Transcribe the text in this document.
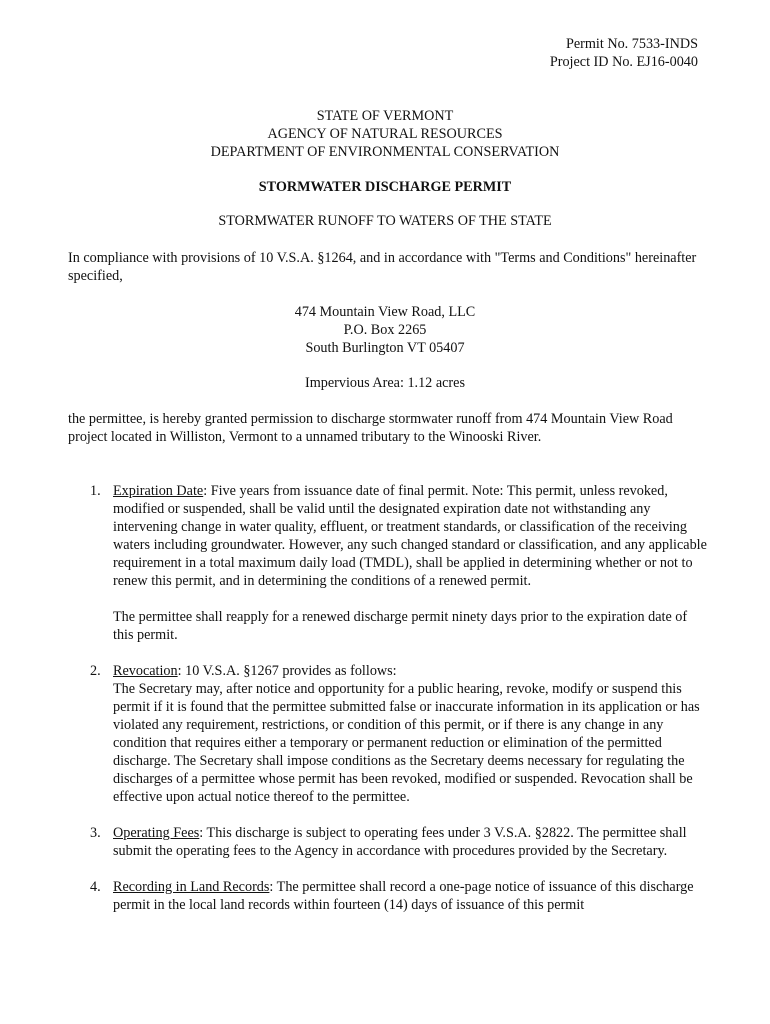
Permit No. 7533-INDS
Project ID No. EJ16-0040
STATE OF VERMONT
AGENCY OF NATURAL RESOURCES
DEPARTMENT OF ENVIRONMENTAL CONSERVATION
STORMWATER DISCHARGE PERMIT
STORMWATER RUNOFF TO WATERS OF THE STATE
In compliance with provisions of 10 V.S.A. §1264, and in accordance with "Terms and Conditions" hereinafter specified,
474 Mountain View Road, LLC
P.O. Box 2265
South Burlington VT 05407
Impervious Area: 1.12 acres
the permittee, is hereby granted permission to discharge stormwater runoff from 474 Mountain View Road project located in Williston, Vermont to a unnamed tributary to the Winooski River.
1. Expiration Date: Five years from issuance date of final permit. Note: This permit, unless revoked, modified or suspended, shall be valid until the designated expiration date not withstanding any intervening change in water quality, effluent, or treatment standards, or classification of the receiving waters including groundwater. However, any such changed standard or classification, and any applicable requirement in a total maximum daily load (TMDL), shall be applied in determining whether or not to renew this permit, and in determining the conditions of a renewed permit.

The permittee shall reapply for a renewed discharge permit ninety days prior to the expiration date of this permit.

2. Revocation: 10 V.S.A. §1267 provides as follows:

The Secretary may, after notice and opportunity for a public hearing, revoke, modify or suspend this permit if it is found that the permittee submitted false or inaccurate information in its application or has violated any requirement, restrictions, or condition of this permit, or if there is any change in any condition that requires either a temporary or permanent reduction or elimination of the permitted discharge. The Secretary shall impose conditions as the Secretary deems necessary for regulating the discharges of a permittee whose permit has been revoked, modified or suspended. Revocation shall be effective upon actual notice thereof to the permittee.
3. Operating Fees: This discharge is subject to operating fees under 3 V.S.A. §2822. The permittee shall submit the operating fees to the Agency in accordance with procedures provided by the Secretary.

4. Recording in Land Records: The permittee shall record a one-page notice of issuance of this discharge permit in the local land records within fourteen (14) days of issuance of this permit
